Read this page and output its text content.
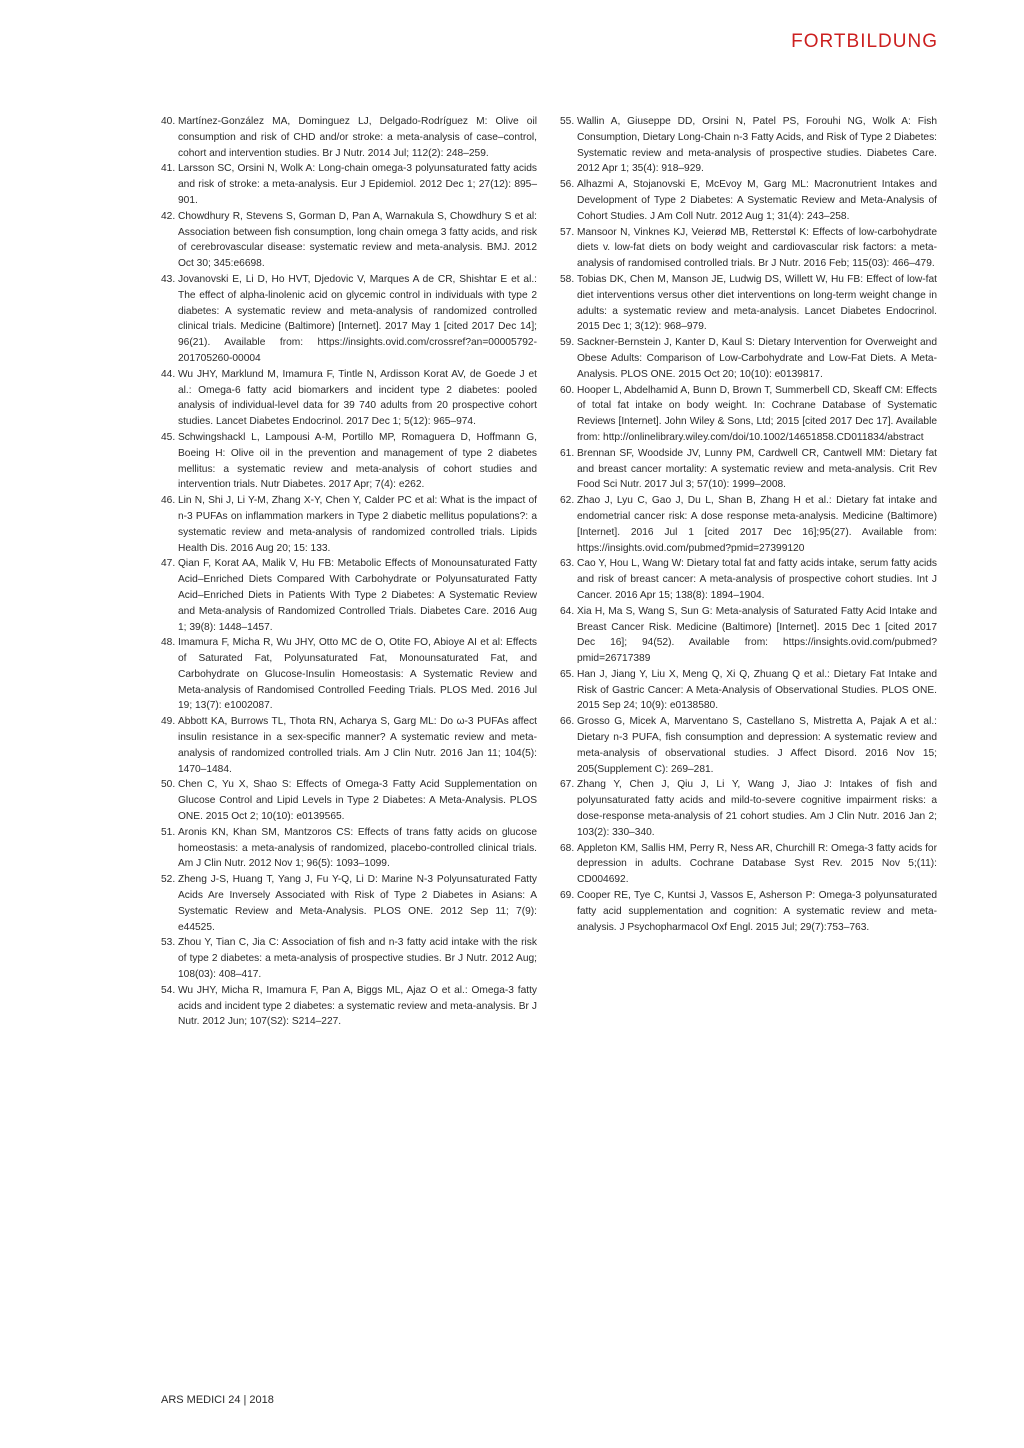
FORTBILDUNG
40. Martínez-González MA, Dominguez LJ, Delgado-Rodríguez M: Olive oil consumption and risk of CHD and/or stroke: a meta-analysis of case–control, cohort and intervention studies. Br J Nutr. 2014 Jul; 112(2): 248–259.
41. Larsson SC, Orsini N, Wolk A: Long-chain omega-3 polyunsaturated fatty acids and risk of stroke: a meta-analysis. Eur J Epidemiol. 2012 Dec 1; 27(12): 895–901.
42. Chowdhury R, Stevens S, Gorman D, Pan A, Warnakula S, Chowdhury S et al: Association between fish consumption, long chain omega 3 fatty acids, and risk of cerebrovascular disease: systematic review and meta-analysis. BMJ. 2012 Oct 30; 345:e6698.
43. Jovanovski E, Li D, Ho HVT, Djedovic V, Marques A de CR, Shishtar E et al.: The effect of alpha-linolenic acid on glycemic control in individuals with type 2 diabetes: A systematic review and meta-analysis of randomized controlled clinical trials. Medicine (Baltimore) [Internet]. 2017 May 1 [cited 2017 Dec 14]; 96(21). Available from: https://insights.ovid.com/crossref?an=00005792-201705260-00004
44. Wu JHY, Marklund M, Imamura F, Tintle N, Ardisson Korat AV, de Goede J et al.: Omega-6 fatty acid biomarkers and incident type 2 diabetes: pooled analysis of individual-level data for 39 740 adults from 20 prospective cohort studies. Lancet Diabetes Endocrinol. 2017 Dec 1; 5(12): 965–974.
45. Schwingshackl L, Lampousi A-M, Portillo MP, Romaguera D, Hoffmann G, Boeing H: Olive oil in the prevention and management of type 2 diabetes mellitus: a systematic review and meta-analysis of cohort studies and intervention trials. Nutr Diabetes. 2017 Apr; 7(4): e262.
46. Lin N, Shi J, Li Y-M, Zhang X-Y, Chen Y, Calder PC et al: What is the impact of n-3 PUFAs on inflammation markers in Type 2 diabetic mellitus populations?: a systematic review and meta-analysis of randomized controlled trials. Lipids Health Dis. 2016 Aug 20; 15: 133.
47. Qian F, Korat AA, Malik V, Hu FB: Metabolic Effects of Monounsaturated Fatty Acid–Enriched Diets Compared With Carbohydrate or Polyunsaturated Fatty Acid–Enriched Diets in Patients With Type 2 Diabetes: A Systematic Review and Meta-analysis of Randomized Controlled Trials. Diabetes Care. 2016 Aug 1; 39(8): 1448–1457.
48. Imamura F, Micha R, Wu JHY, Otto MC de O, Otite FO, Abioye AI et al: Effects of Saturated Fat, Polyunsaturated Fat, Monounsaturated Fat, and Carbohydrate on Glucose-Insulin Homeostasis: A Systematic Review and Meta-analysis of Randomised Controlled Feeding Trials. PLOS Med. 2016 Jul 19; 13(7): e1002087.
49. Abbott KA, Burrows TL, Thota RN, Acharya S, Garg ML: Do ω-3 PUFAs affect insulin resistance in a sex-specific manner? A systematic review and meta-analysis of randomized controlled trials. Am J Clin Nutr. 2016 Jan 11; 104(5): 1470–1484.
50. Chen C, Yu X, Shao S: Effects of Omega-3 Fatty Acid Supplementation on Glucose Control and Lipid Levels in Type 2 Diabetes: A Meta-Analysis. PLOS ONE. 2015 Oct 2; 10(10): e0139565.
51. Aronis KN, Khan SM, Mantzoros CS: Effects of trans fatty acids on glucose homeostasis: a meta-analysis of randomized, placebo-controlled clinical trials. Am J Clin Nutr. 2012 Nov 1; 96(5): 1093–1099.
52. Zheng J-S, Huang T, Yang J, Fu Y-Q, Li D: Marine N-3 Polyunsaturated Fatty Acids Are Inversely Associated with Risk of Type 2 Diabetes in Asians: A Systematic Review and Meta-Analysis. PLOS ONE. 2012 Sep 11; 7(9): e44525.
53. Zhou Y, Tian C, Jia C: Association of fish and n-3 fatty acid intake with the risk of type 2 diabetes: a meta-analysis of prospective studies. Br J Nutr. 2012 Aug; 108(03): 408–417.
54. Wu JHY, Micha R, Imamura F, Pan A, Biggs ML, Ajaz O et al.: Omega-3 fatty acids and incident type 2 diabetes: a systematic review and meta-analysis. Br J Nutr. 2012 Jun; 107(S2): S214–227.
55. Wallin A, Giuseppe DD, Orsini N, Patel PS, Forouhi NG, Wolk A: Fish Consumption, Dietary Long-Chain n-3 Fatty Acids, and Risk of Type 2 Diabetes: Systematic review and meta-analysis of prospective studies. Diabetes Care. 2012 Apr 1; 35(4): 918–929.
56. Alhazmi A, Stojanovski E, McEvoy M, Garg ML: Macronutrient Intakes and Development of Type 2 Diabetes: A Systematic Review and Meta-Analysis of Cohort Studies. J Am Coll Nutr. 2012 Aug 1; 31(4): 243–258.
57. Mansoor N, Vinknes KJ, Veierød MB, Retterstøl K: Effects of low-carbohydrate diets v. low-fat diets on body weight and cardiovascular risk factors: a meta-analysis of randomised controlled trials. Br J Nutr. 2016 Feb; 115(03): 466–479.
58. Tobias DK, Chen M, Manson JE, Ludwig DS, Willett W, Hu FB: Effect of low-fat diet interventions versus other diet interventions on long-term weight change in adults: a systematic review and meta-analysis. Lancet Diabetes Endocrinol. 2015 Dec 1; 3(12): 968–979.
59. Sackner-Bernstein J, Kanter D, Kaul S: Dietary Intervention for Overweight and Obese Adults: Comparison of Low-Carbohydrate and Low-Fat Diets. A Meta-Analysis. PLOS ONE. 2015 Oct 20; 10(10): e0139817.
60. Hooper L, Abdelhamid A, Bunn D, Brown T, Summerbell CD, Skeaff CM: Effects of total fat intake on body weight. In: Cochrane Database of Systematic Reviews [Internet]. John Wiley & Sons, Ltd; 2015 [cited 2017 Dec 17]. Available from: http://onlinelibrary.wiley.com/doi/10.1002/14651858.CD011834/abstract
61. Brennan SF, Woodside JV, Lunny PM, Cardwell CR, Cantwell MM: Dietary fat and breast cancer mortality: A systematic review and meta-analysis. Crit Rev Food Sci Nutr. 2017 Jul 3; 57(10): 1999–2008.
62. Zhao J, Lyu C, Gao J, Du L, Shan B, Zhang H et al.: Dietary fat intake and endometrial cancer risk: A dose response meta-analysis. Medicine (Baltimore) [Internet]. 2016 Jul 1 [cited 2017 Dec 16];95(27). Available from: https://insights.ovid.com/pubmed?pmid=27399120
63. Cao Y, Hou L, Wang W: Dietary total fat and fatty acids intake, serum fatty acids and risk of breast cancer: A meta-analysis of prospective cohort studies. Int J Cancer. 2016 Apr 15; 138(8): 1894–1904.
64. Xia H, Ma S, Wang S, Sun G: Meta-analysis of Saturated Fatty Acid Intake and Breast Cancer Risk. Medicine (Baltimore) [Internet]. 2015 Dec 1 [cited 2017 Dec 16]; 94(52). Available from: https://insights.ovid.com/pubmed?pmid=26717389
65. Han J, Jiang Y, Liu X, Meng Q, Xi Q, Zhuang Q et al.: Dietary Fat Intake and Risk of Gastric Cancer: A Meta-Analysis of Observational Studies. PLOS ONE. 2015 Sep 24; 10(9): e0138580.
66. Grosso G, Micek A, Marventano S, Castellano S, Mistretta A, Pajak A et al.: Dietary n-3 PUFA, fish consumption and depression: A systematic review and meta-analysis of observational studies. J Affect Disord. 2016 Nov 15; 205(Supplement C): 269–281.
67. Zhang Y, Chen J, Qiu J, Li Y, Wang J, Jiao J: Intakes of fish and polyunsaturated fatty acids and mild-to-severe cognitive impairment risks: a dose-response meta-analysis of 21 cohort studies. Am J Clin Nutr. 2016 Jan 2; 103(2): 330–340.
68. Appleton KM, Sallis HM, Perry R, Ness AR, Churchill R: Omega-3 fatty acids for depression in adults. Cochrane Database Syst Rev. 2015 Nov 5;(11): CD004692.
69. Cooper RE, Tye C, Kuntsi J, Vassos E, Asherson P: Omega-3 polyunsaturated fatty acid supplementation and cognition: A systematic review and meta-analysis. J Psychopharmacol Oxf Engl. 2015 Jul; 29(7):753–763.
ARS MEDICI 24 | 2018
